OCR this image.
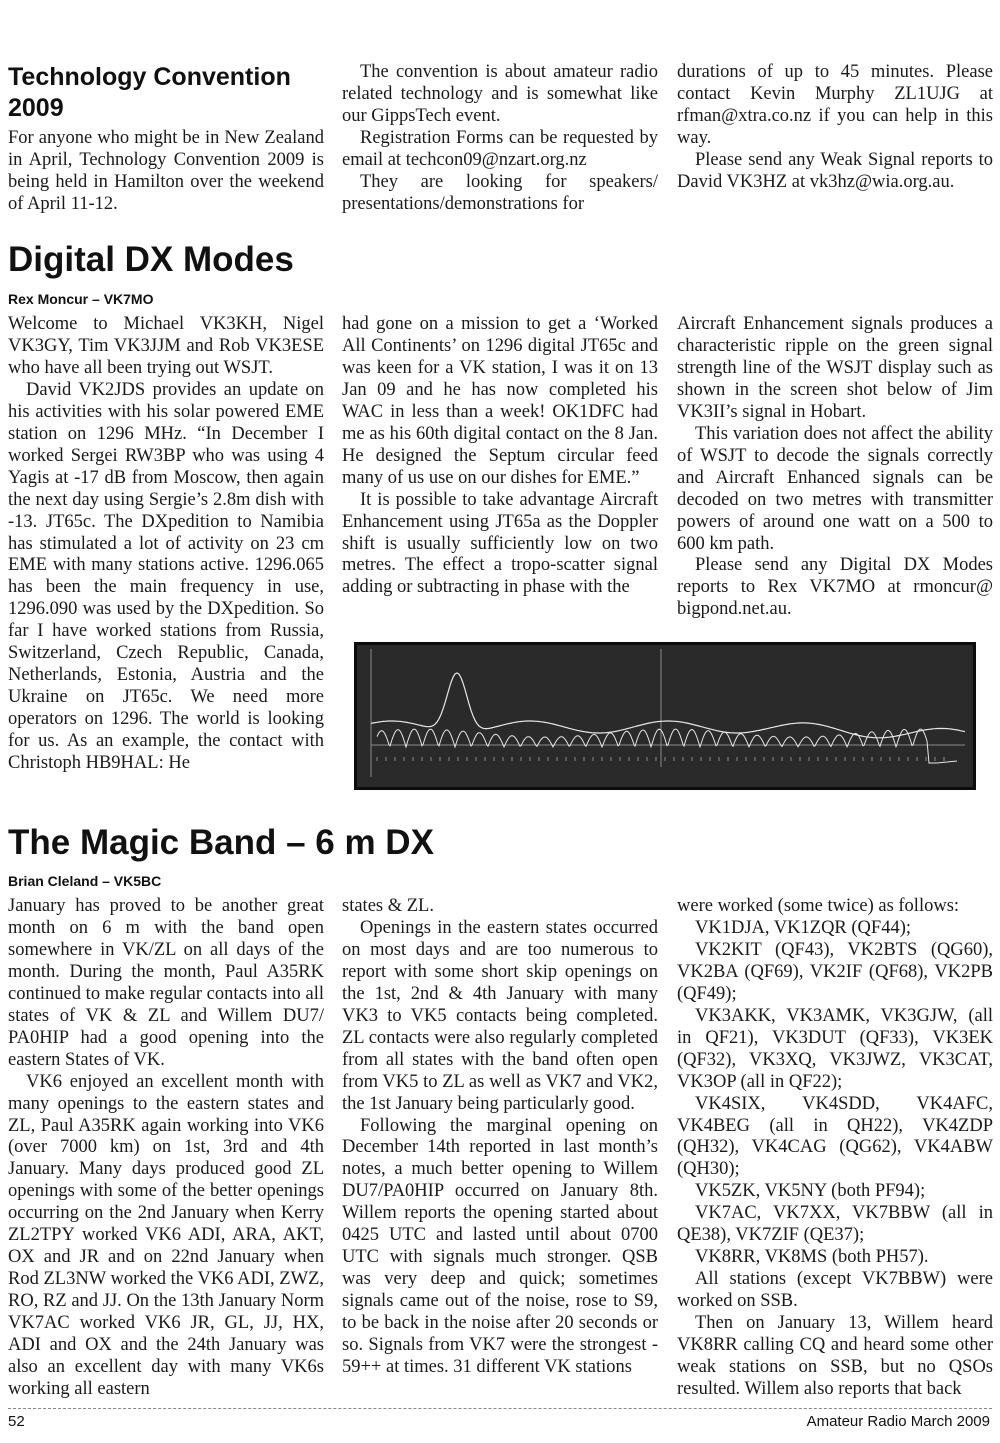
Technology Convention 2009

For anyone who might be in New Zealand in April, Technology Convention 2009 is being held in Hamilton over the weekend of April 11-12.

The convention is about amateur radio related technology and is somewhat like our GippsTech event.

Registration Forms can be requested by email at techcon09@nzart.org.nz

They are looking for speakers/ presentations/demonstrations for

durations of up to 45 minutes. Please contact Kevin Murphy ZL1UJG at rfman@xtra.co.nz if you can help in this way.

Please send any Weak Signal reports to David VK3HZ at vk3hz@wia.org.au.

Digital DX Modes
Rex Moncur – VK7MO

Welcome to Michael VK3KH, Nigel VK3GY, Tim VK3JJM and Rob VK3ESE who have all been trying out WSJT.

David VK2JDS provides an update on his activities with his solar powered EME station on 1296 MHz. “In December I worked Sergei RW3BP who was using 4 Yagis at -17 dB from Moscow, then again the next day using Sergie’s 2.8m dish with -13. JT65c. The DXpedition to Namibia has stimulated a lot of activity on 23 cm EME with many stations active. 1296.065 has been the main frequency in use, 1296.090 was used by the DXpedition. So far I have worked stations from Russia, Switzerland, Czech Republic, Canada, Netherlands, Estonia, Austria and the Ukraine on JT65c. We need more operators on 1296. The world is looking for us. As an example, the contact with Christoph HB9HAL: He

had gone on a mission to get a ‘Worked All Continents’ on 1296 digital JT65c and was keen for a VK station, I was it on 13 Jan 09 and he has now completed his WAC in less than a week! OK1DFC had me as his 60th digital contact on the 8 Jan. He designed the Septum circular feed many of us use on our dishes for EME.”

It is possible to take advantage Aircraft Enhancement using JT65a as the Doppler shift is usually sufficiently low on two metres. The effect a tropo-scatter signal adding or subtracting in phase with the

Aircraft Enhancement signals produces a characteristic ripple on the green signal strength line of the WSJT display such as shown in the screen shot below of Jim VK3II’s signal in Hobart.

This variation does not affect the ability of WSJT to decode the signals correctly and Aircraft Enhanced signals can be decoded on two metres with transmitter powers of around one watt on a 500 to 600 km path.

Please send any Digital DX Modes reports to Rex VK7MO at rmoncur@ bigpond.net.au.

The Magic Band – 6 m DX
Brian Cleland – VK5BC

January has proved to be another great month on 6 m with the band open somewhere in VK/ZL on all days of the month. During the month, Paul A35RK continued to make regular contacts into all states of VK & ZL and Willem DU7/ PA0HIP had a good opening into the eastern States of VK.

VK6 enjoyed an excellent month with many openings to the eastern states and ZL, Paul A35RK again working into VK6 (over 7000 km) on 1st, 3rd and 4th January. Many days produced good ZL openings with some of the better openings occurring on the 2nd January when Kerry ZL2TPY worked VK6 ADI, ARA, AKT, OX and JR and on 22nd January when Rod ZL3NW worked the VK6 ADI, ZWZ, RO, RZ and JJ. On the 13th January Norm VK7AC worked VK6 JR, GL, JJ, HX, ADI and OX and the 24th January was also an excellent day with many VK6s working all eastern

states & ZL.

Openings in the eastern states occurred on most days and are too numerous to report with some short skip openings on the 1st, 2nd & 4th January with many VK3 to VK5 contacts being completed. ZL contacts were also regularly completed from all states with the band often open from VK5 to ZL as well as VK7 and VK2, the 1st January being particularly good.

Following the marginal opening on December 14th reported in last month’s notes, a much better opening to Willem DU7/PA0HIP occurred on January 8th. Willem reports the opening started about 0425 UTC and lasted until about 0700 UTC with signals much stronger. QSB was very deep and quick; sometimes signals came out of the noise, rose to S9, to be back in the noise after 20 seconds or so. Signals from VK7 were the strongest - 59++ at times. 31 different VK stations

were worked (some twice) as follows:

VK1DJA, VK1ZQR (QF44);

VK2KIT (QF43), VK2BTS (QG60), VK2BA (QF69), VK2IF (QF68), VK2PB (QF49);

VK3AKK, VK3AMK, VK3GJW, (all in QF21), VK3DUT (QF33), VK3EK (QF32), VK3XQ, VK3JWZ, VK3CAT, VK3OP (all in QF22);

VK4SIX, VK4SDD, VK4AFC, VK4BEG (all in QH22), VK4ZDP (QH32), VK4CAG (QG62), VK4ABW (QH30);

VK5ZK, VK5NY (both PF94);

VK7AC, VK7XX, VK7BBW (all in QE38), VK7ZIF (QE37);

VK8RR, VK8MS (both PH57).

All stations (except VK7BBW) were worked on SSB.

Then on January 13, Willem heard VK8RR calling CQ and heard some other weak stations on SSB, but no QSOs resulted. Willem also reports that back

52	Amateur Radio March 2009
